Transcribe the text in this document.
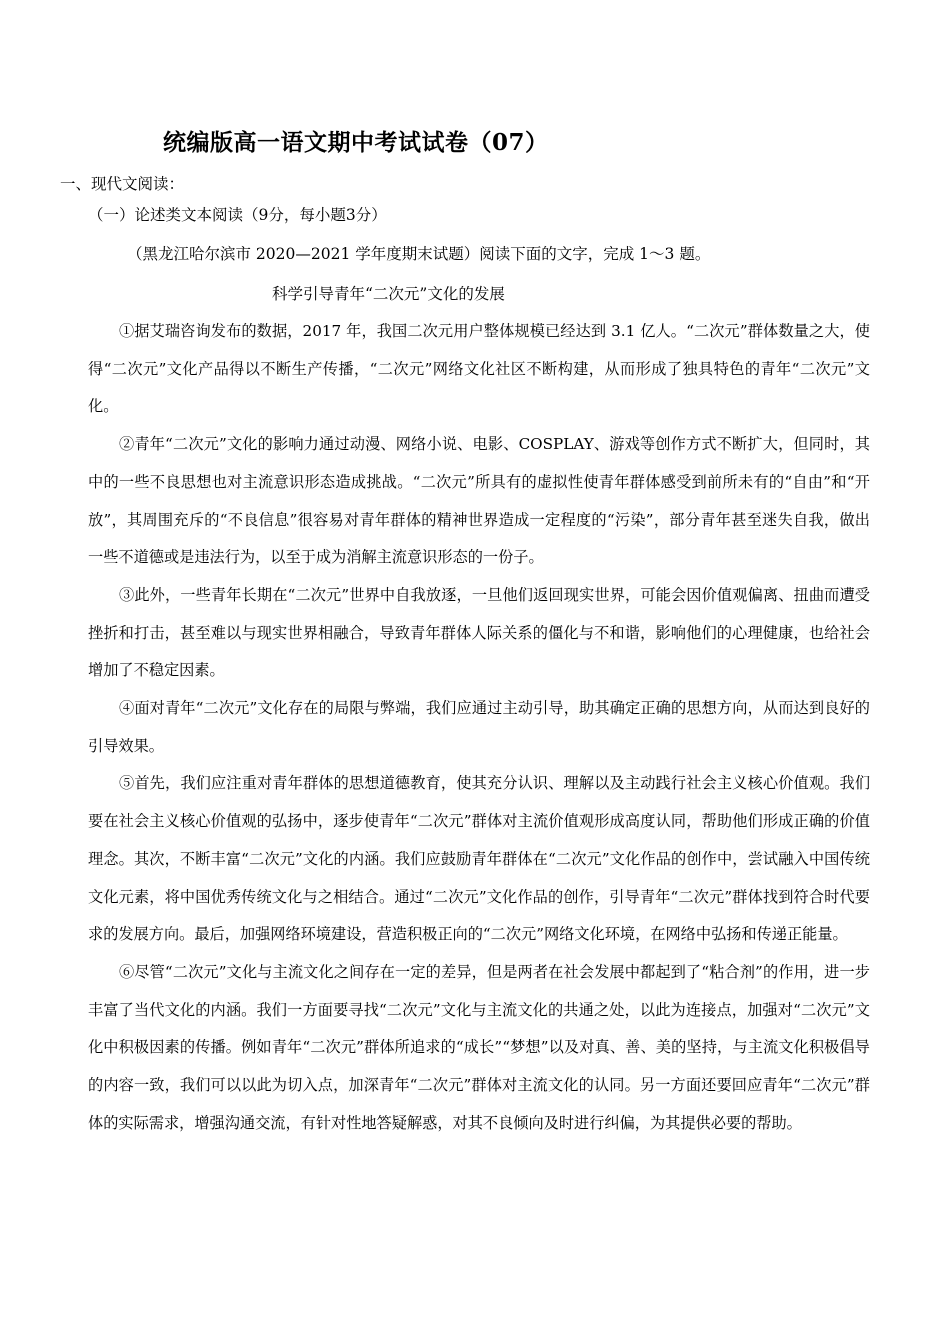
统编版高一语文期中考试试卷（07）
一、现代文阅读：
（一）论述类文本阅读（9分，每小题3分）
（黑龙江哈尔滨市 2020—2021 学年度期末试题）阅读下面的文字，完成 1～3 题。
科学引导青年“二次元”文化的发展

①据艾瑞咨询发布的数据，2017 年，我国二次元用户整体规模已经达到 3.1 亿人。“二次元”群体数量之大，使得“二次元”文化产品得以不断生产传播，“二次元”网络文化社区不断构建，从而形成了独具特色的青年“二次元”文化。

②青年“二次元”文化的影响力通过动漫、网络小说、电影、COSPLAY、游戏等创作方式不断扩大，但同时，其中的一些不良思想也对主流意识形态造成挑战。“二次元”所具有的虚拟性使青年群体感受到前所未有的“自由”和“开放”，其周围充斥的“不良信息”很容易对青年群体的精神世界造成一定程度的“污染”，部分青年甚至迷失自我，做出一些不道德或是违法行为，以至于成为消解主流意识形态的一份子。

③此外，一些青年长期在“二次元”世界中自我放逐，一旦他们返回现实世界，可能会因价值观偏离、扭曲而遭受挫折和打击，甚至难以与现实世界相融合，导致青年群体人际关系的僵化与不和谐，影响他们的心理健康，也给社会增加了不稳定因素。

④面对青年“二次元”文化存在的局限与弊端，我们应通过主动引导，助其确定正确的思想方向，从而达到良好的引导效果。

⑤首先，我们应注重对青年群体的思想道德教育，使其充分认识、理解以及主动践行社会主义核心价值观。我们要在社会主义核心价值观的弘扬中，逐步使青年“二次元”群体对主流价值观形成高度认同，帮助他们形成正确的价值理念。其次，不断丰富“二次元”文化的内涵。我们应鼓励青年群体在“二次元”文化作品的创作中，尝试融入中国传统文化元素，将中国优秀传统文化与之相结合。通过“二次元”文化作品的创作，引导青年“二次元”群体找到符合时代要求的发展方向。最后，加强网络环境建设，营造积极正向的“二次元”网络文化环境，在网络中弘扬和传递正能量。

⑥尽管“二次元”文化与主流文化之间存在一定的差异，但是两者在社会发展中都起到了“粘合剂”的作用，进一步丰富了当代文化的内涵。我们一方面要寻找“二次元”文化与主流文化的共通之处，以此为连接点，加强对“二次元”文化中积极因素的传播。例如青年“二次元”群体所追求的“成长”“梦想”以及对真、善、美的坚持，与主流文化积极倡导的内容一致，我们可以以此为切入点，加深青年“二次元”群体对主流文化的认同。另一方面还要回应青年“二次元”群体的实际需求，增强沟通交流，有针对性地答疑解惑，对其不良倾向及时进行纠偏，为其提供必要的帮助。
